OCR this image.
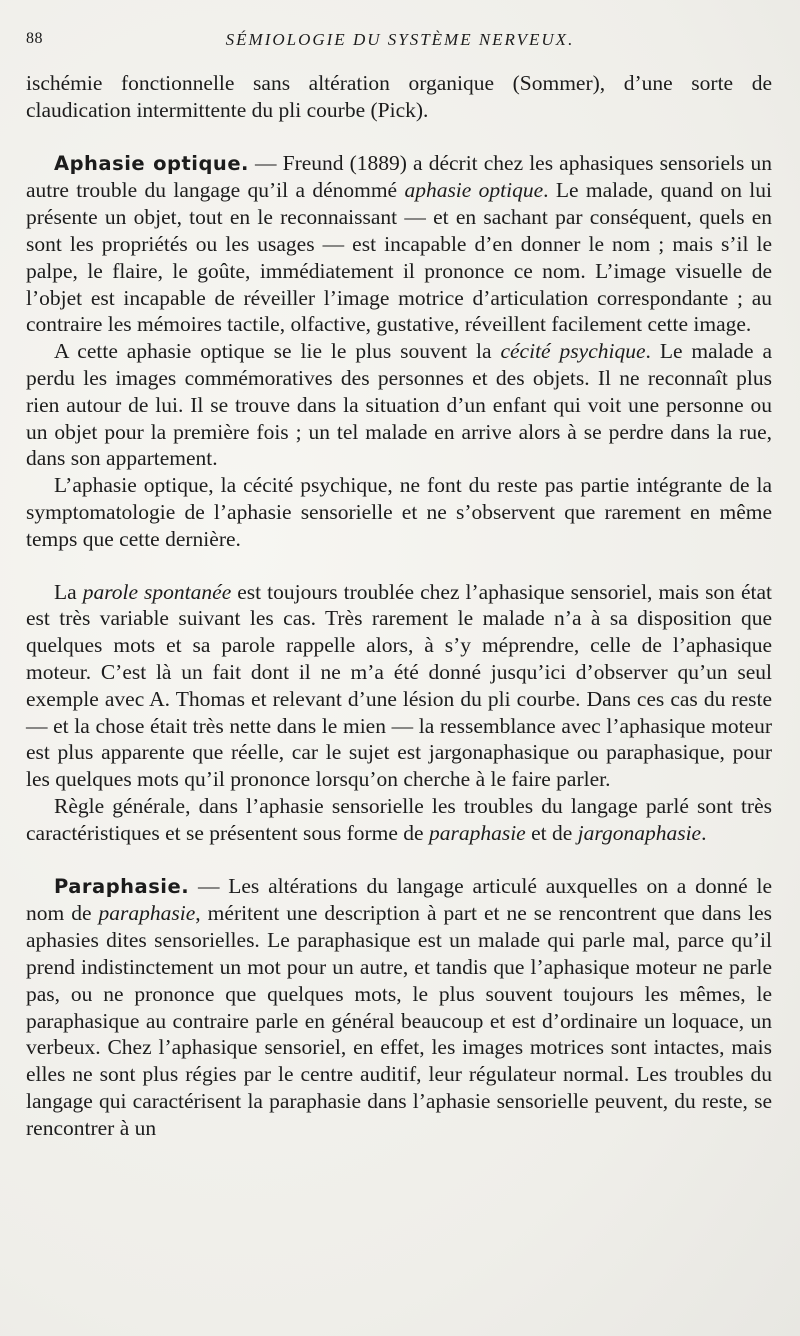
88	SÉMIOLOGIE DU SYSTÈME NERVEUX.

ischémie fonctionnelle sans altération organique (Sommer), d’une sorte de claudication intermittente du pli courbe (Pick).

Aphasie optique. — Freund (1889) a décrit chez les aphasiques sensoriels un autre trouble du langage qu’il a dénommé aphasie optique. Le malade, quand on lui présente un objet, tout en le reconnaissant — et en sachant par conséquent, quels en sont les propriétés ou les usages — est incapable d’en donner le nom ; mais s’il le palpe, le flaire, le goûte, immédiatement il prononce ce nom. L’image visuelle de l’objet est incapable de réveiller l’image motrice d’articulation correspondante ; au contraire les mémoires tactile, olfactive, gustative, réveillent facilement cette image.

A cette aphasie optique se lie le plus souvent la cécité psychique. Le malade a perdu les images commémoratives des personnes et des objets. Il ne reconnaît plus rien autour de lui. Il se trouve dans la situation d’un enfant qui voit une personne ou un objet pour la première fois ; un tel malade en arrive alors à se perdre dans la rue, dans son appartement.

L’aphasie optique, la cécité psychique, ne font du reste pas partie intégrante de la symptomatologie de l’aphasie sensorielle et ne s’observent que rarement en même temps que cette dernière.

La parole spontanée est toujours troublée chez l’aphasique sensoriel, mais son état est très variable suivant les cas. Très rarement le malade n’a à sa disposition que quelques mots et sa parole rappelle alors, à s’y méprendre, celle de l’aphasique moteur. C’est là un fait dont il ne m’a été donné jusqu’ici d’observer qu’un seul exemple avec A. Thomas et relevant d’une lésion du pli courbe. Dans ces cas du reste — et la chose était très nette dans le mien — la ressemblance avec l’aphasique moteur est plus apparente que réelle, car le sujet est jargonaphasique ou paraphasique, pour les quelques mots qu’il prononce lorsqu’on cherche à le faire parler.

Règle générale, dans l’aphasie sensorielle les troubles du langage parlé sont très caractéristiques et se présentent sous forme de paraphasie et de jargonaphasie.

Paraphasie. — Les altérations du langage articulé auxquelles on a donné le nom de paraphasie, méritent une description à part et ne se rencontrent que dans les aphasies dites sensorielles. Le paraphasique est un malade qui parle mal, parce qu’il prend indistinctement un mot pour un autre, et tandis que l’aphasique moteur ne parle pas, ou ne prononce que quelques mots, le plus souvent toujours les mêmes, le paraphasique au contraire parle en général beaucoup et est d’ordinaire un loquace, un verbeux. Chez l’aphasique sensoriel, en effet, les images motrices sont intactes, mais elles ne sont plus régies par le centre auditif, leur régulateur normal. Les troubles du langage qui caractérisent la paraphasie dans l’aphasie sensorielle peuvent, du reste, se rencontrer à un
